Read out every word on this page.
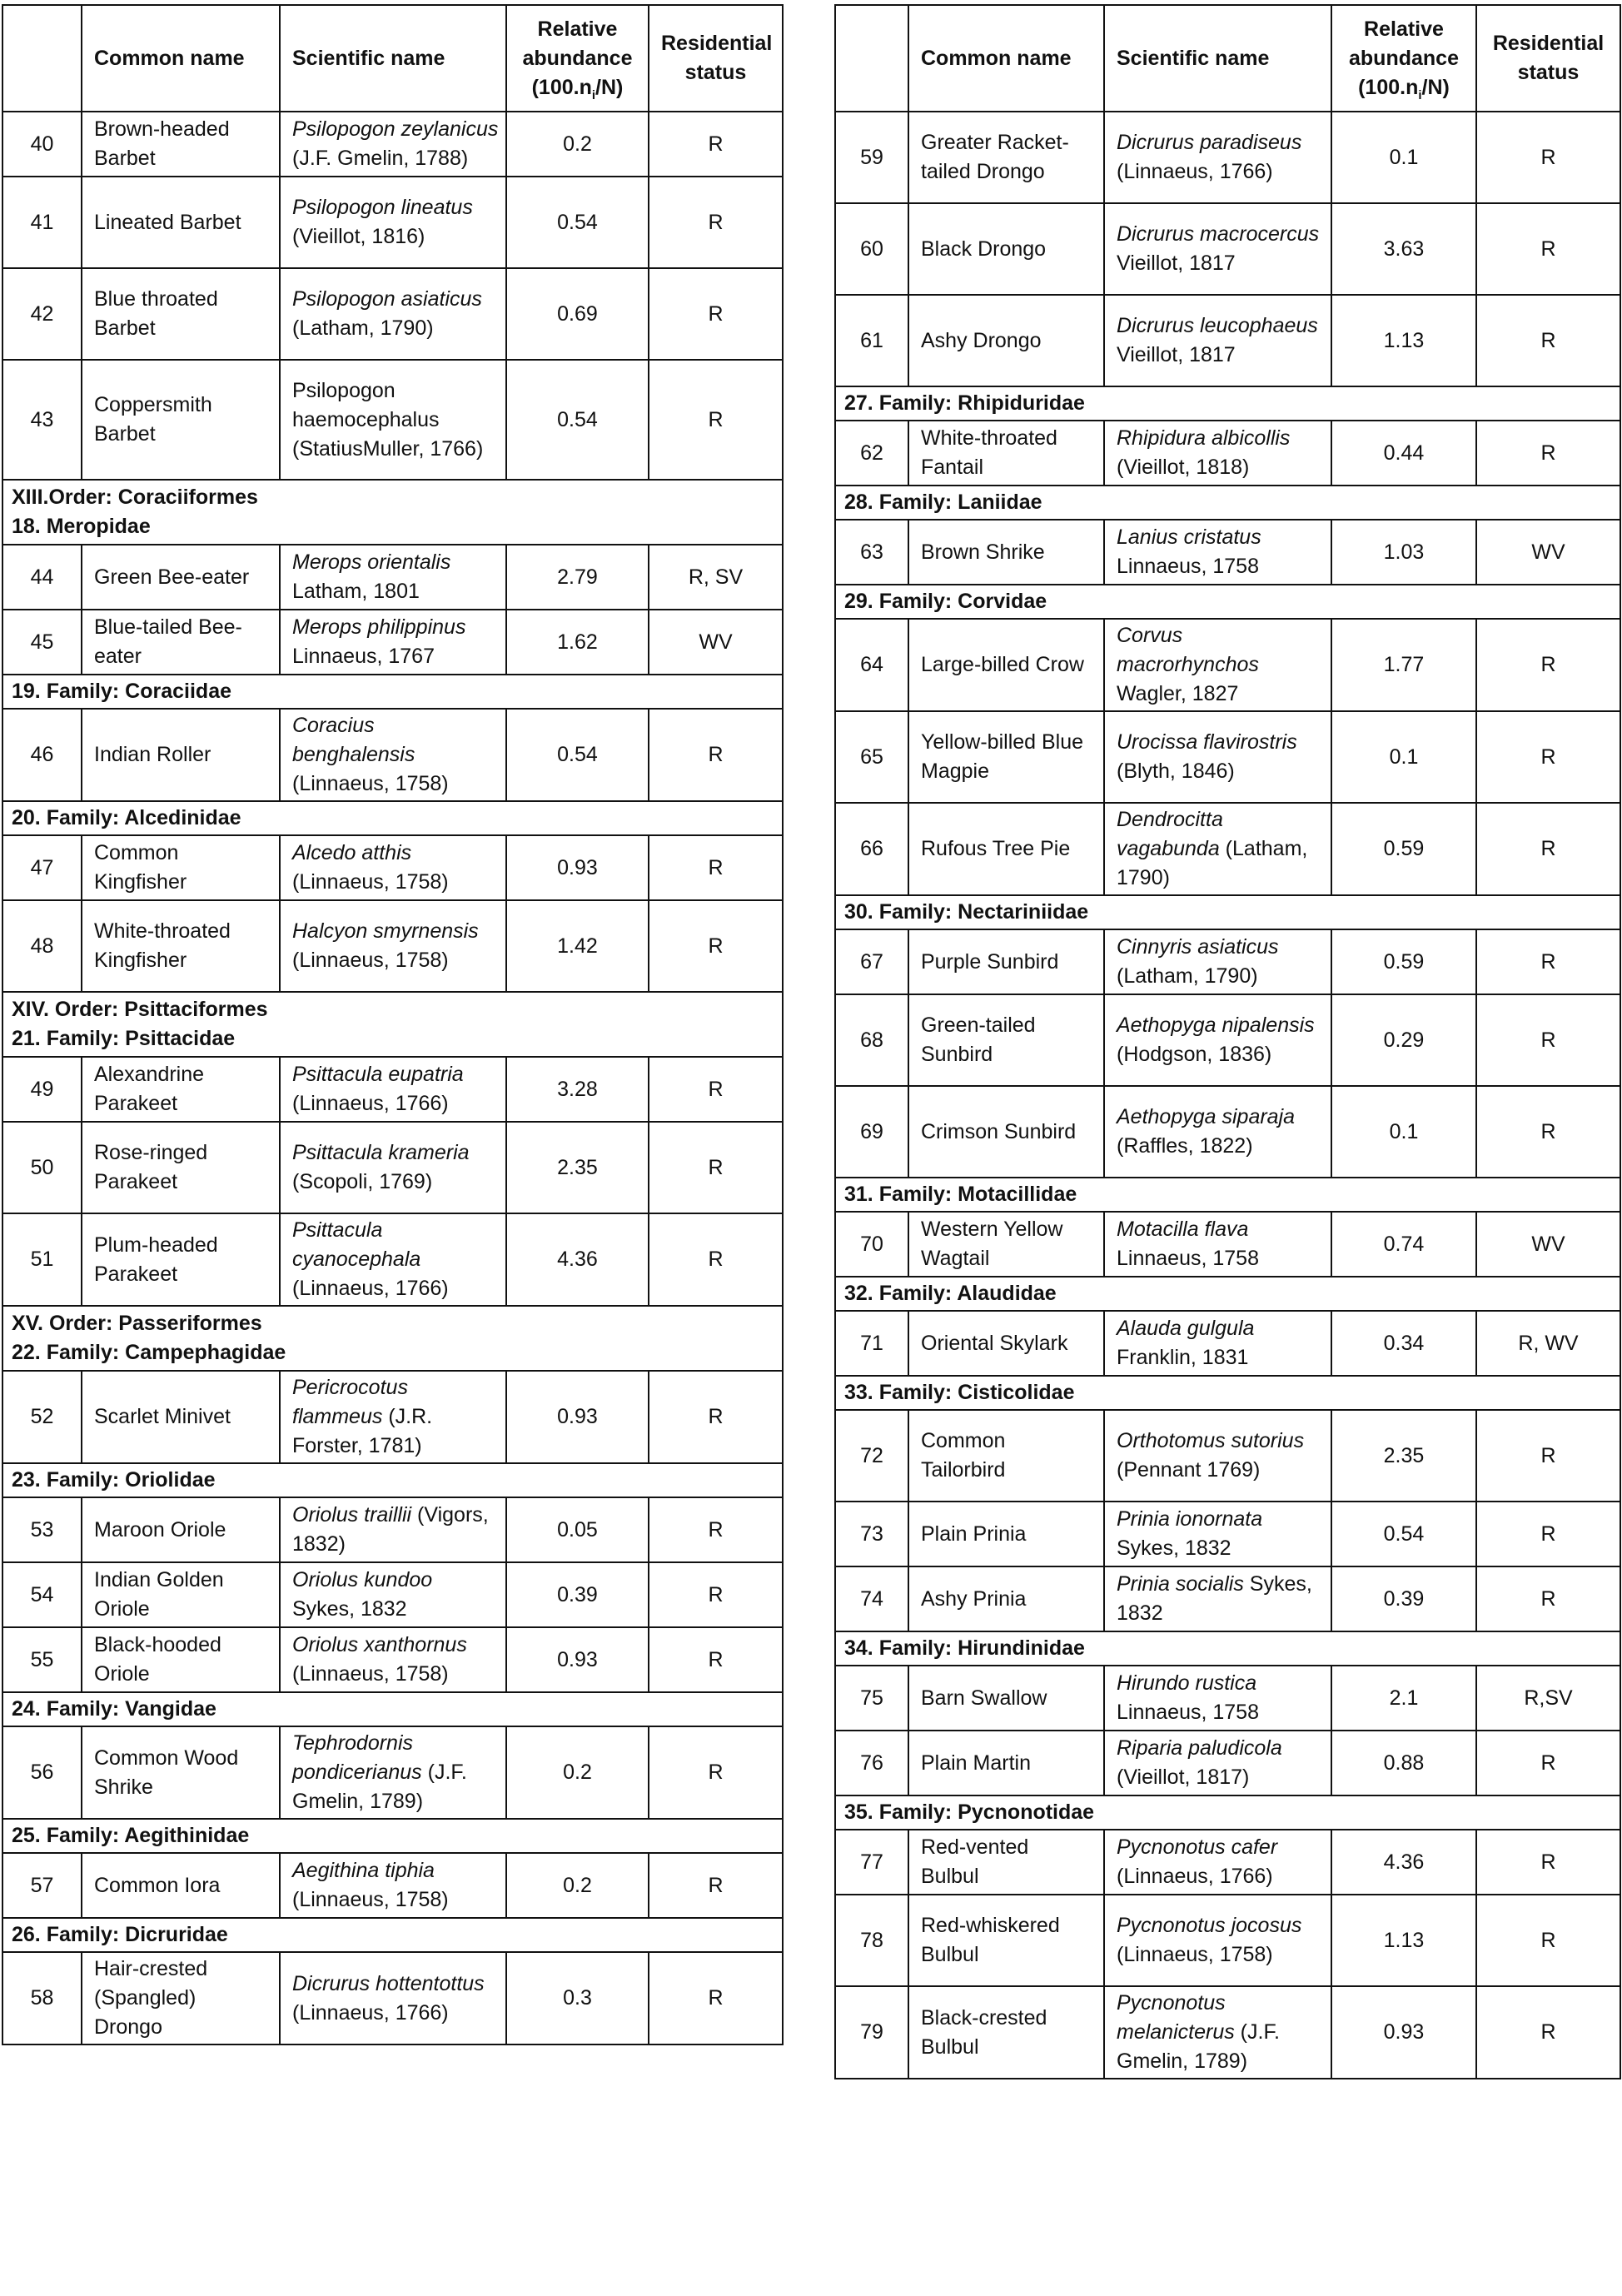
	Common name	Scientific name	Relative abundance $(100.n_i/N)$	Residential status
40	Brown-headed Barbet	Psilopogon zeylanicus (J.F. Gmelin, 1788)	0.2	R
41	Lineated Barbet	Psilopogon lineatus (Vieillot, 1816)	0.54	R
42	Blue throated Barbet	Psilopogon asiaticus (Latham, 1790)	0.69	R
43	Coppersmith Barbet	Psilopogon haemocephalus (StatiusMuller, 1766)	0.54	R
XIII.Order: Coraciiformes
18. Meropidae				
44	Green Bee-eater	Merops orientalis Latham, 1801	2.79	R, SV
45	Blue-tailed Bee-eater	Merops philippinus Linnaeus, 1767	1.62	WV
19. Family: Coraciidae				
46	Indian Roller	Coracius benghalensis (Linnaeus, 1758)	0.54	R
20. Family: Alcedinidae				
47	Common Kingfisher	Alcedo atthis (Linnaeus, 1758)	0.93	R
48	White-throated Kingfisher	Halcyon smyrnensis (Linnaeus, 1758)	1.42	R
XIV. Order: Psittaciformes
21. Family: Psittacidae				
49	Alexandrine Parakeet	Psittacula eupatria (Linnaeus, 1766)	3.28	R
50	Rose-ringed Parakeet	Psittacula krameria (Scopoli, 1769)	2.35	R
51	Plum-headed Parakeet	Psittacula cyanocephala (Linnaeus, 1766)	4.36	R
XV. Order: Passeriformes
22. Family: Campephagidae				
52	Scarlet Minivet	Pericrocotus flammeus (J.R. Forster, 1781)	0.93	R
23. Family: Oriolidae				
53	Maroon Oriole	Oriolus traillii (Vigors, 1832)	0.05	R
54	Indian Golden Oriole	Oriolus kundoo Sykes, 1832	0.39	R
55	Black-hooded Oriole	Oriolus xanthornus (Linnaeus, 1758)	0.93	R
24. Family: Vangidae				
56	Common Wood Shrike	Tephrodornis pondicerianus (J.F. Gmelin, 1789)	0.2	R
25. Family: Aegithinidae				
57	Common Iora	Aegithina tiphia (Linnaeus, 1758)	0.2	R
26. Family: Dicruridae				
58	Hair-crested (Spangled) Drongo	Dicrurus hottentottus (Linnaeus, 1766)	0.3	R
	Common name	Scientific name	Relative abundance $(100.n_i/N)$	Residential status
59	Greater Racket-tailed Drongo	Dicrurus paradiseus (Linnaeus, 1766)	0.1	R
60	Black Drongo	Dicrurus macrocercus Vieillot, 1817	3.63	R
61	Ashy Drongo	Dicrurus leucophaeus Vieillot, 1817	1.13	R
27. Family: Rhipiduridae				
62	White-throated Fantail	Rhipidura albicollis (Vieillot, 1818)	0.44	R
28. Family: Laniidae				
63	Brown Shrike	Lanius cristatus Linnaeus, 1758	1.03	WV
29. Family: Corvidae				
64	Large-billed Crow	Corvus macrorhynchos Wagler, 1827	1.77	R
65	Yellow-billed Blue Magpie	Urocissa flavirostris (Blyth, 1846)	0.1	R
66	Rufous Tree Pie	Dendrocitta vagabunda (Latham, 1790)	0.59	R
30. Family: Nectariniidae				
67	Purple Sunbird	Cinnyris asiaticus (Latham, 1790)	0.59	R
68	Green-tailed Sunbird	Aethopyga nipalensis (Hodgson, 1836)	0.29	R
69	Crimson Sunbird	Aethopyga siparaja (Raffles, 1822)	0.1	R
31. Family: Motacillidae				
70	Western Yellow Wagtail	Motacilla flava Linnaeus, 1758	0.74	WV
32. Family: Alaudidae				
71	Oriental Skylark	Alauda gulgula Franklin, 1831	0.34	R, WV
33. Family: Cisticolidae				
72	Common Tailorbird	Orthotomus sutorius (Pennant 1769)	2.35	R
73	Plain Prinia	Prinia ionornata Sykes, 1832	0.54	R
74	Ashy Prinia	Prinia socialis Sykes, 1832	0.39	R
34. Family: Hirundinidae				
75	Barn Swallow	Hirundo rustica Linnaeus, 1758	2.1	R,SV
76	Plain Martin	Riparia paludicola (Vieillot, 1817)	0.88	R
35. Family: Pycnonotidae				
77	Red-vented Bulbul	Pycnonotus cafer (Linnaeus, 1766)	4.36	R
78	Red-whiskered Bulbul	Pycnonotus jocosus (Linnaeus, 1758)	1.13	R
79	Black-crested Bulbul	Pycnonotus melanicterus (J.F. Gmelin, 1789)	0.93	R
